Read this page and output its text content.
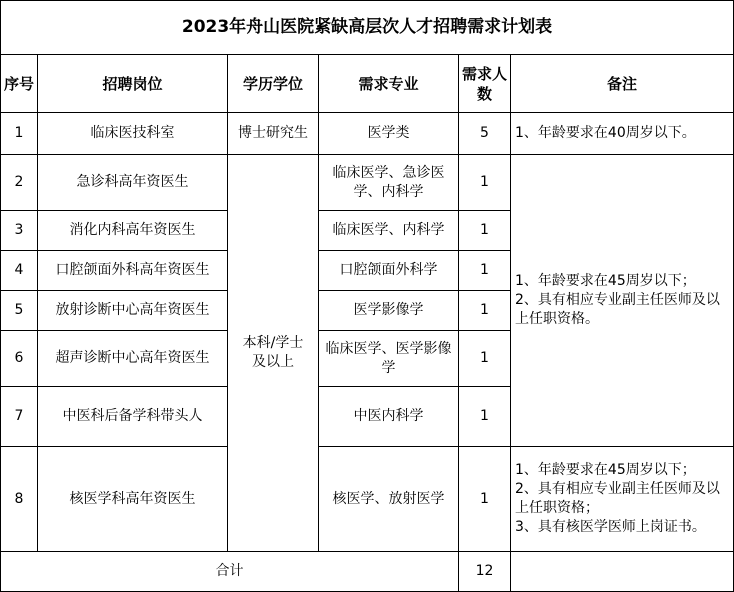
2023年舟山医院紧缺高层次人才招聘需求计划表					
序号	招聘岗位	学历学位	需求专业	需求人数	备注
1	临床医技科室	博士研究生	医学类	5	1、年龄要求在40周岁以下。

2	急诊科高年资医生	本科/学士及以上	临床医学、急诊医学、内科学	1	1、年龄要求在45周岁以下；
2、具有相应专业副主任医师及以上任职资格。

3	消化内科高年资医生		临床医学、内科学	1	
4	口腔颌面外科高年资医生		口腔颌面外科学	1	
5	放射诊断中心高年资医生		医学影像学	1	
6	超声诊断中心高年资医生		临床医学、医学影像学	1	
7	中医科后备学科带头人		中医内科学	1	
8	核医学科高年资医生		核医学、放射医学	1	1、年龄要求在45周岁以下；
2、具有相应专业副主任医师及以上任职资格；
3、具有核医学医师上岗证书。

合计				12	
